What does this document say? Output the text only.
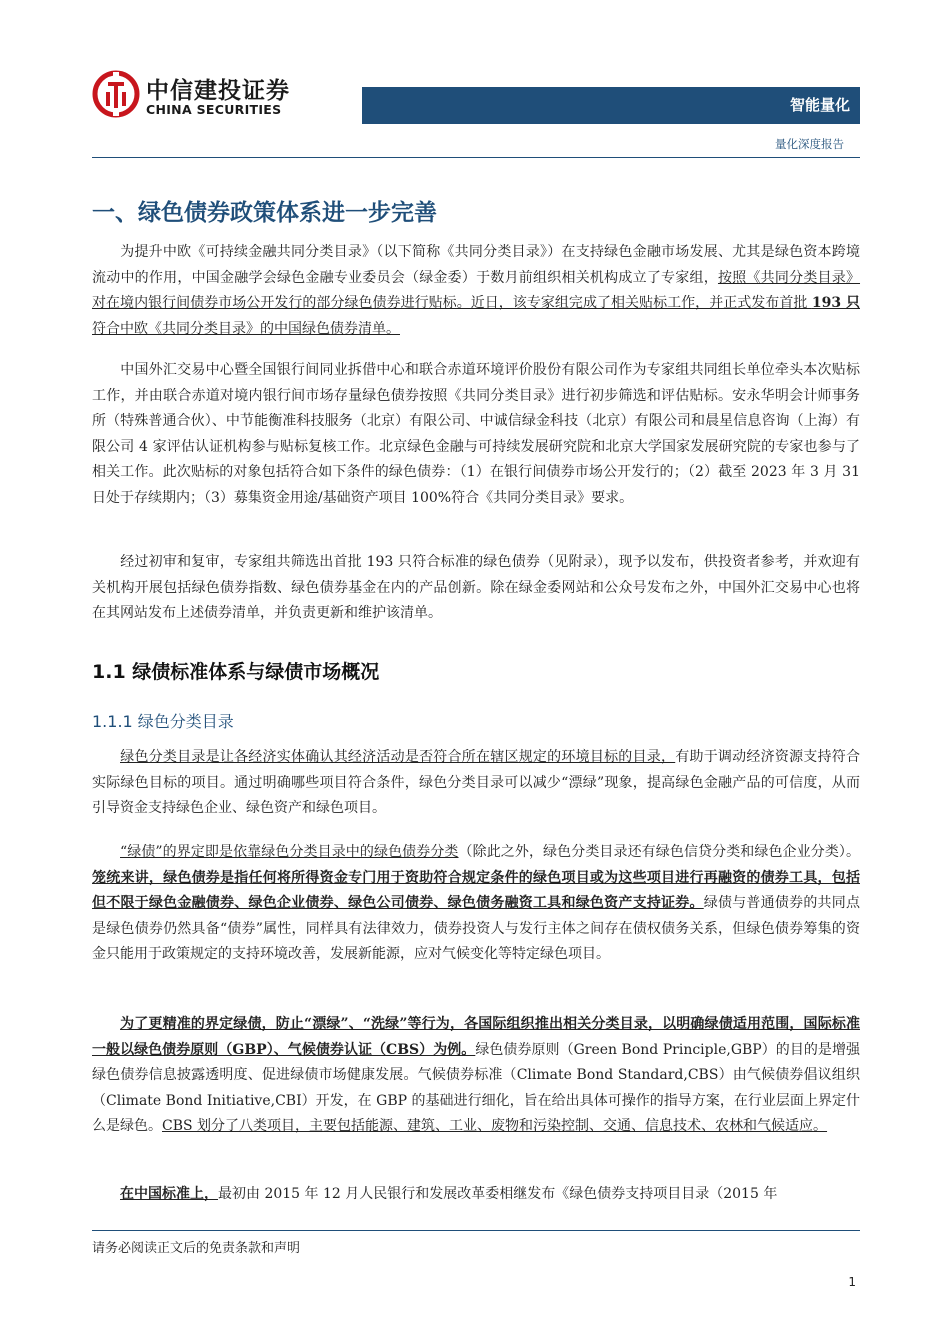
中信建投证券
CHINA SECURITIES	智能量化
量化深度报告
一、绿色债券政策体系进一步完善
为提升中欧《可持续金融共同分类目录》（以下简称《共同分类目录》）在支持绿色金融市场发展、尤其是绿色资本跨境流动中的作用，中国金融学会绿色金融专业委员会（绿金委）于数月前组织相关机构成立了专家组，按照《共同分类目录》对在境内银行间债券市场公开发行的部分绿色债券进行贴标。近日，该专家组完成了相关贴标工作，并正式发布首批 193 只符合中欧《共同分类目录》的中国绿色债券清单。
中国外汇交易中心暨全国银行间同业拆借中心和联合赤道环境评价股份有限公司作为专家组共同组长单位牵头本次贴标工作，并由联合赤道对境内银行间市场存量绿色债券按照《共同分类目录》进行初步筛选和评估贴标。安永华明会计师事务所（特殊普通合伙）、中节能衡准科技服务（北京）有限公司、中诚信绿金科技（北京）有限公司和晨星信息咨询（上海）有限公司 4 家评估认证机构参与贴标复核工作。北京绿色金融与可持续发展研究院和北京大学国家发展研究院的专家也参与了相关工作。此次贴标的对象包括符合如下条件的绿色债券：（1）在银行间债券市场公开发行的；（2）截至 2023 年 3 月 31 日处于存续期内；（3）募集资金用途/基础资产项目 100%符合《共同分类目录》要求。
经过初审和复审，专家组共筛选出首批 193 只符合标准的绿色债券（见附录），现予以发布，供投资者参考，并欢迎有关机构开展包括绿色债券指数、绿色债券基金在内的产品创新。除在绿金委网站和公众号发布之外，中国外汇交易中心也将在其网站发布上述债券清单，并负责更新和维护该清单。
1.1 绿债标准体系与绿债市场概况
1.1.1 绿色分类目录
绿色分类目录是让各经济实体确认其经济活动是否符合所在辖区规定的环境目标的目录，有助于调动经济资源支持符合实际绿色目标的项目。通过明确哪些项目符合条件，绿色分类目录可以减少“漂绿”现象，提高绿色金融产品的可信度，从而引导资金支持绿色企业、绿色资产和绿色项目。
“绿债”的界定即是依靠绿色分类目录中的绿色债券分类（除此之外，绿色分类目录还有绿色信贷分类和绿色企业分类）。笼统来讲，绿色债券是指任何将所得资金专门用于资助符合规定条件的绿色项目或为这些项目进行再融资的债券工具，包括但不限于绿色金融债券、绿色企业债券、绿色公司债券、绿色债务融资工具和绿色资产支持证券。绿债与普通债券的共同点是绿色债券仍然具备“债券”属性，同样具有法律效力，债券投资人与发行主体之间存在债权债务关系，但绿色债券筹集的资金只能用于政策规定的支持环境改善，发展新能源，应对气候变化等特定绿色项目。
为了更精准的界定绿债，防止“漂绿”、“洗绿”等行为，各国际组织推出相关分类目录，以明确绿债适用范围，国际标准一般以绿色债券原则（GBP）、气候债券认证（CBS）为例。绿色债券原则（Green Bond Principle,GBP）的目的是增强绿色债券信息披露透明度、促进绿债市场健康发展。气候债券标准（Climate Bond Standard,CBS）由气候债券倡议组织（Climate Bond Initiative,CBI）开发，在 GBP 的基础进行细化，旨在给出具体可操作的指导方案，在行业层面上界定什么是绿色。CBS 划分了八类项目，主要包括能源、建筑、工业、废物和污染控制、交通、信息技术、农林和气候适应。
在中国标准上，最初由 2015 年 12 月人民银行和发展改革委相继发布《绿色债券支持项目目录（2015 年
请务必阅读正文后的免责条款和声明
1
